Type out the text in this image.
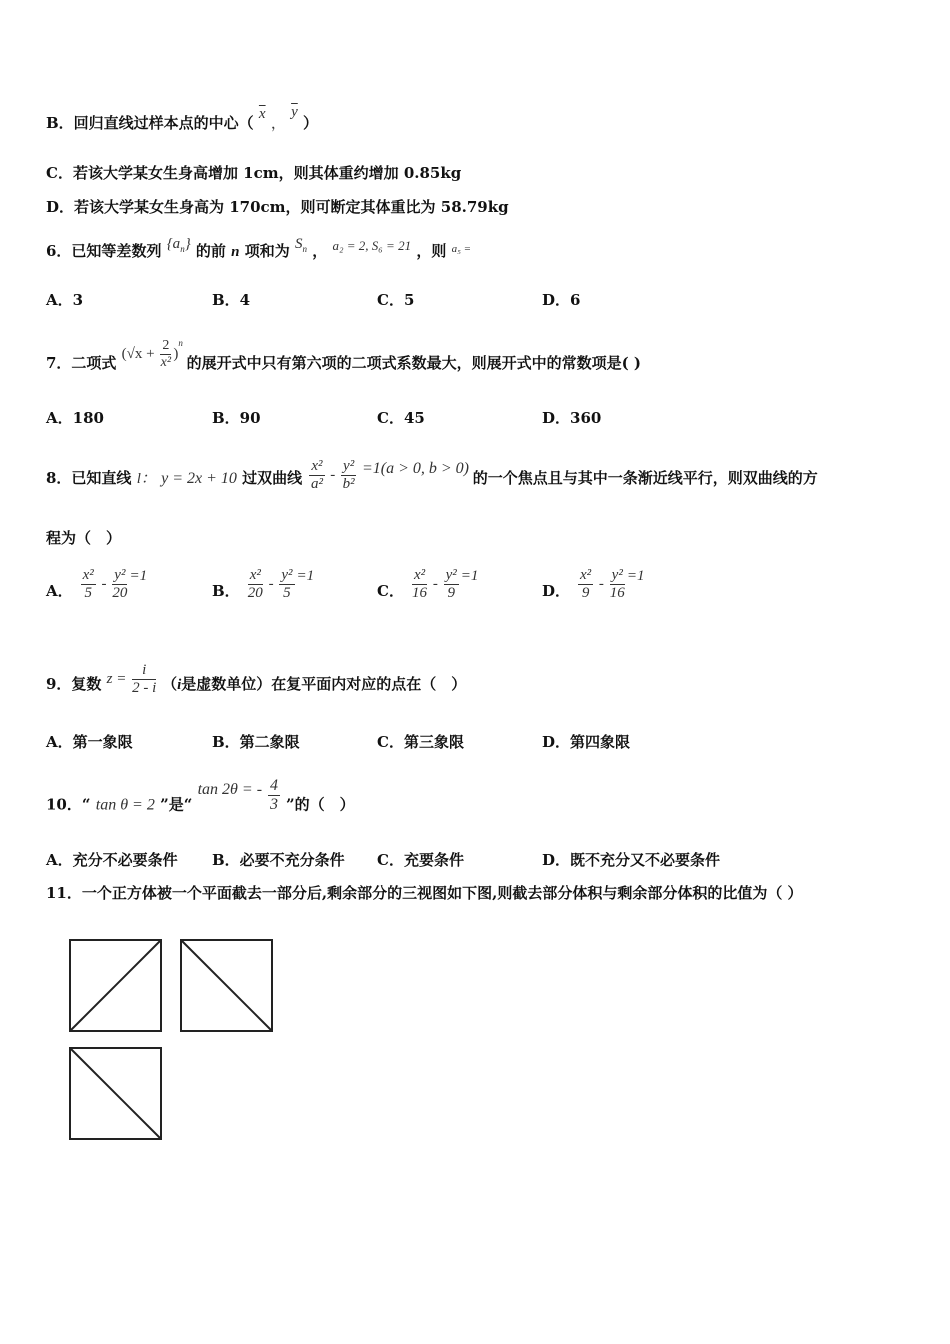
B．回归直线过样本点的中心（ $\overline{x}$ ， $\overline{y}$ ）
C．若该大学某女生身高增加 1cm，则其体重约增加 0.85kg
D．若该大学某女生身高为 170cm，则可断定其体重比为 58.79kg
6．已知等差数列 $\{a_n\}$ 的前 n 项和为 $S_n$ ， a₂ = 2, S₆ = 21 ，则 $^{a_5 =}$
A．3	B．4	C．5	D．6
7．二项式 $(√x + \frac{2}{\text{x²}} )^n$ 的展开式中只有第六项的二项式系数最大，则展开式中的常数项是( )
A．180	B．90	C．45	D．360
8．已知直线 l： y = 2x + 10 过双曲线 $\frac{\text{x²}}{\text{a²}} - \frac{\text{y²}}{\text{b²}} =1(a > 0$, b > 0) 的一个焦点且与其中一条渐近线平行，则双曲线的方
程为（　）
A． $\frac{\text{x²}}{5} - \frac{\text{y²}}{20} =1$
B． $\frac{\text{x²}}{20} - \frac{\text{y²}}{5} =1$
C． $\frac{\text{x²}}{16} - \frac{\text{y²}}{9} =1$
D． $\frac{\text{x²}}{9} - \frac{\text{y²}}{16} =1$
9．复数 $z = \frac{i}{2 - i} (i$是虚数单位）在复平面内对应的点在（　）
A．第一象限	B．第二象限	C．第三象限	D．第四象限
10．“ tan θ = 2 ”是“ tan 2θ = - $\frac{4}{3}$ ”的（　）
A．充分不必要条件 B．必要不充分条件 C．充要条件	D．既不充分又不必要条件
11．一个正方体被一个平面截去一部分后,剩余部分的三视图如下图,则截去部分体积与剩余部分体积的比值为（ ）
